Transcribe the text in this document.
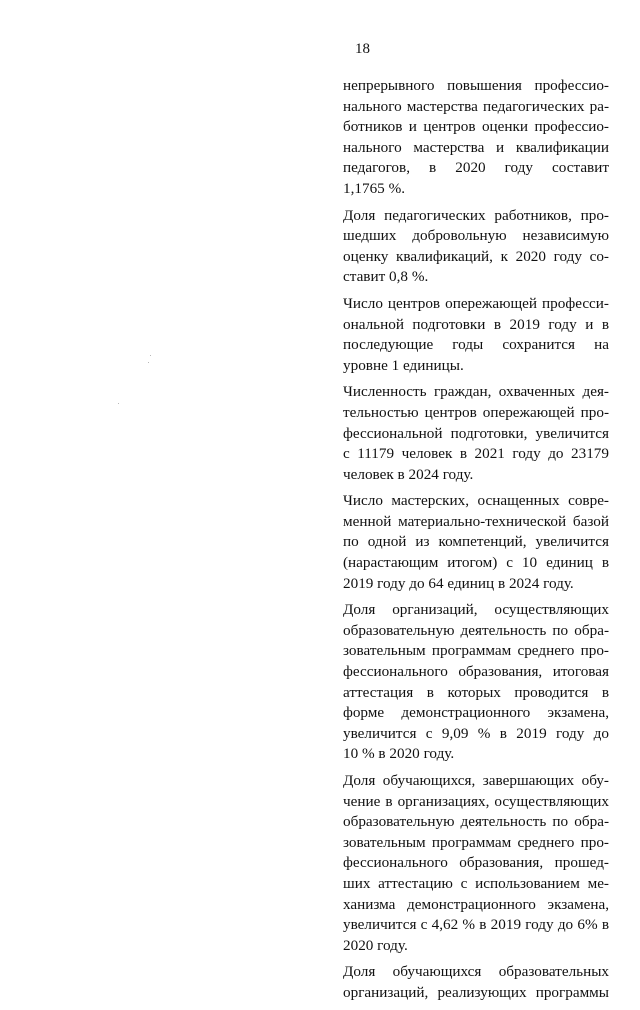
18
непрерывного повышения профессио-
нального мастерства педагогических ра-
ботников и центров оценки профессио-
нального мастерства и квалификации
педагогов, в 2020 году составит
1,1765 %.
Доля педагогических работников, про-
шедших добровольную независимую
оценку квалификаций, к 2020 году со-
ставит 0,8 %.
Число центров опережающей професси-
ональной подготовки в 2019 году и в
последующие годы сохранится на
уровне 1 единицы.
Численность граждан, охваченных дея-
тельностью центров опережающей про-
фессиональной подготовки, увеличится
с 11179 человек в 2021 году до 23179
человек в 2024 году.
Число мастерских, оснащенных совре-
менной материально-технической базой
по одной из компетенций, увеличится
(нарастающим итогом) с 10 единиц в
2019 году до 64 единиц в 2024 году.
Доля организаций, осуществляющих
образовательную деятельность по обра-
зовательным программам среднего про-
фессионального образования, итоговая
аттестация в которых проводится в
форме демонстрационного экзамена,
увеличится с 9,09 % в 2019 году до
10 % в 2020 году.
Доля обучающихся, завершающих обу-
чение в организациях, осуществляющих
образовательную деятельность по обра-
зовательным программам среднего про-
фессионального образования, прошед-
ших аттестацию с использованием ме-
ханизма демонстрационного экзамена,
увеличится с 4,62 % в 2019 году до 6% в
2020 году.
Доля обучающихся образовательных
организаций, реализующих программы
